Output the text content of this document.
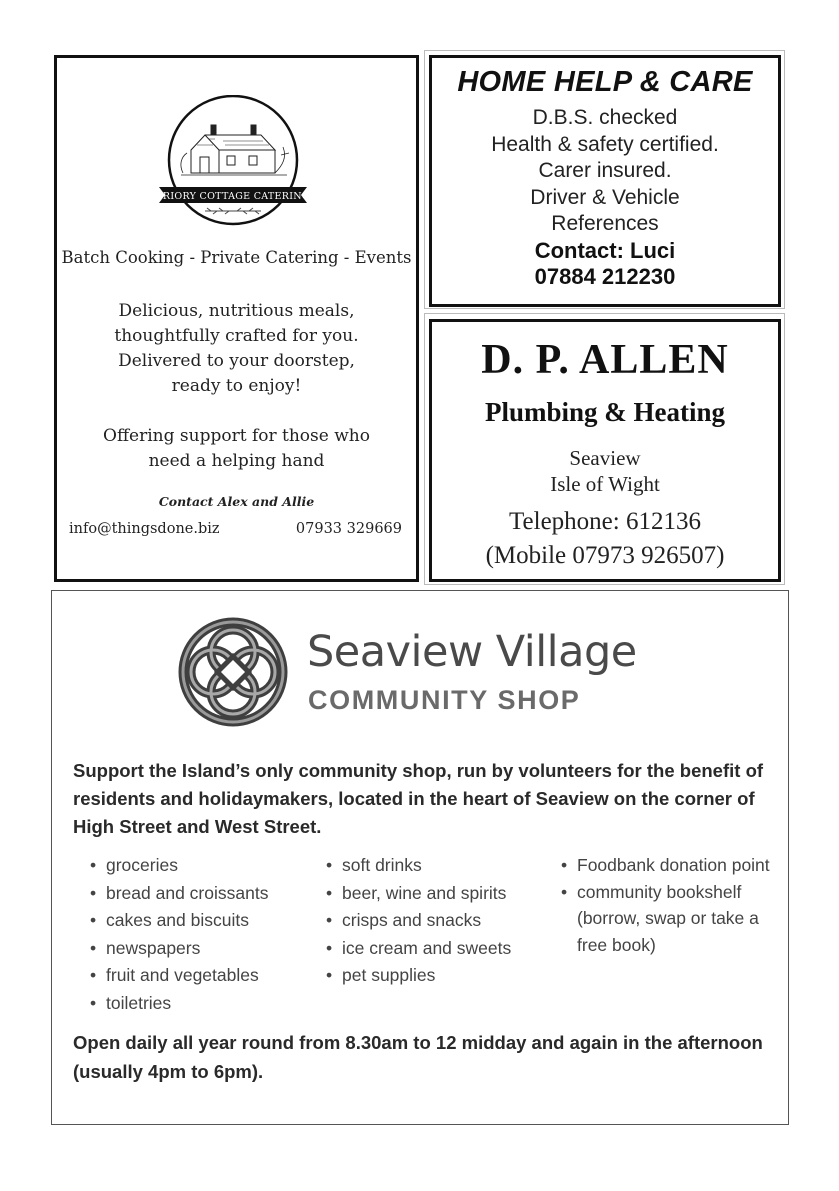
PRIORY COTTAGE CATERING
Batch Cooking - Private Catering - Events
Delicious, nutritious meals,
thoughtfully crafted for you.
Delivered to your doorstep,
ready to enjoy!
Offering support for those who
need a helping hand
Contact Alex and Allie
info@thingsdone.biz	07933 329669
HOME HELP & CARE
D.B.S. checked
Health & safety certified.
Carer insured.
Driver & Vehicle
References
Contact: Luci
07884 212230
D. P. ALLEN
Plumbing & Heating
Seaview
Isle of Wight
Telephone: 612136
(Mobile 07973 926507)
Seaview Village
COMMUNITY SHOP
Support the Island’s only community shop, run by volunteers for the benefit of residents and holidaymakers, located in the heart of Seaview on the corner of High Street and West Street.
• groceries
• bread and croissants
• cakes and biscuits
• newspapers
• fruit and vegetables
• toiletries
• soft drinks
• beer, wine and spirits
• crisps and snacks
• ice cream and sweets
• pet supplies
• Foodbank donation point
• community bookshelf (borrow, swap or take a free book)
Open daily all year round from 8.30am to 12 midday and again in the afternoon (usually 4pm to 6pm).
